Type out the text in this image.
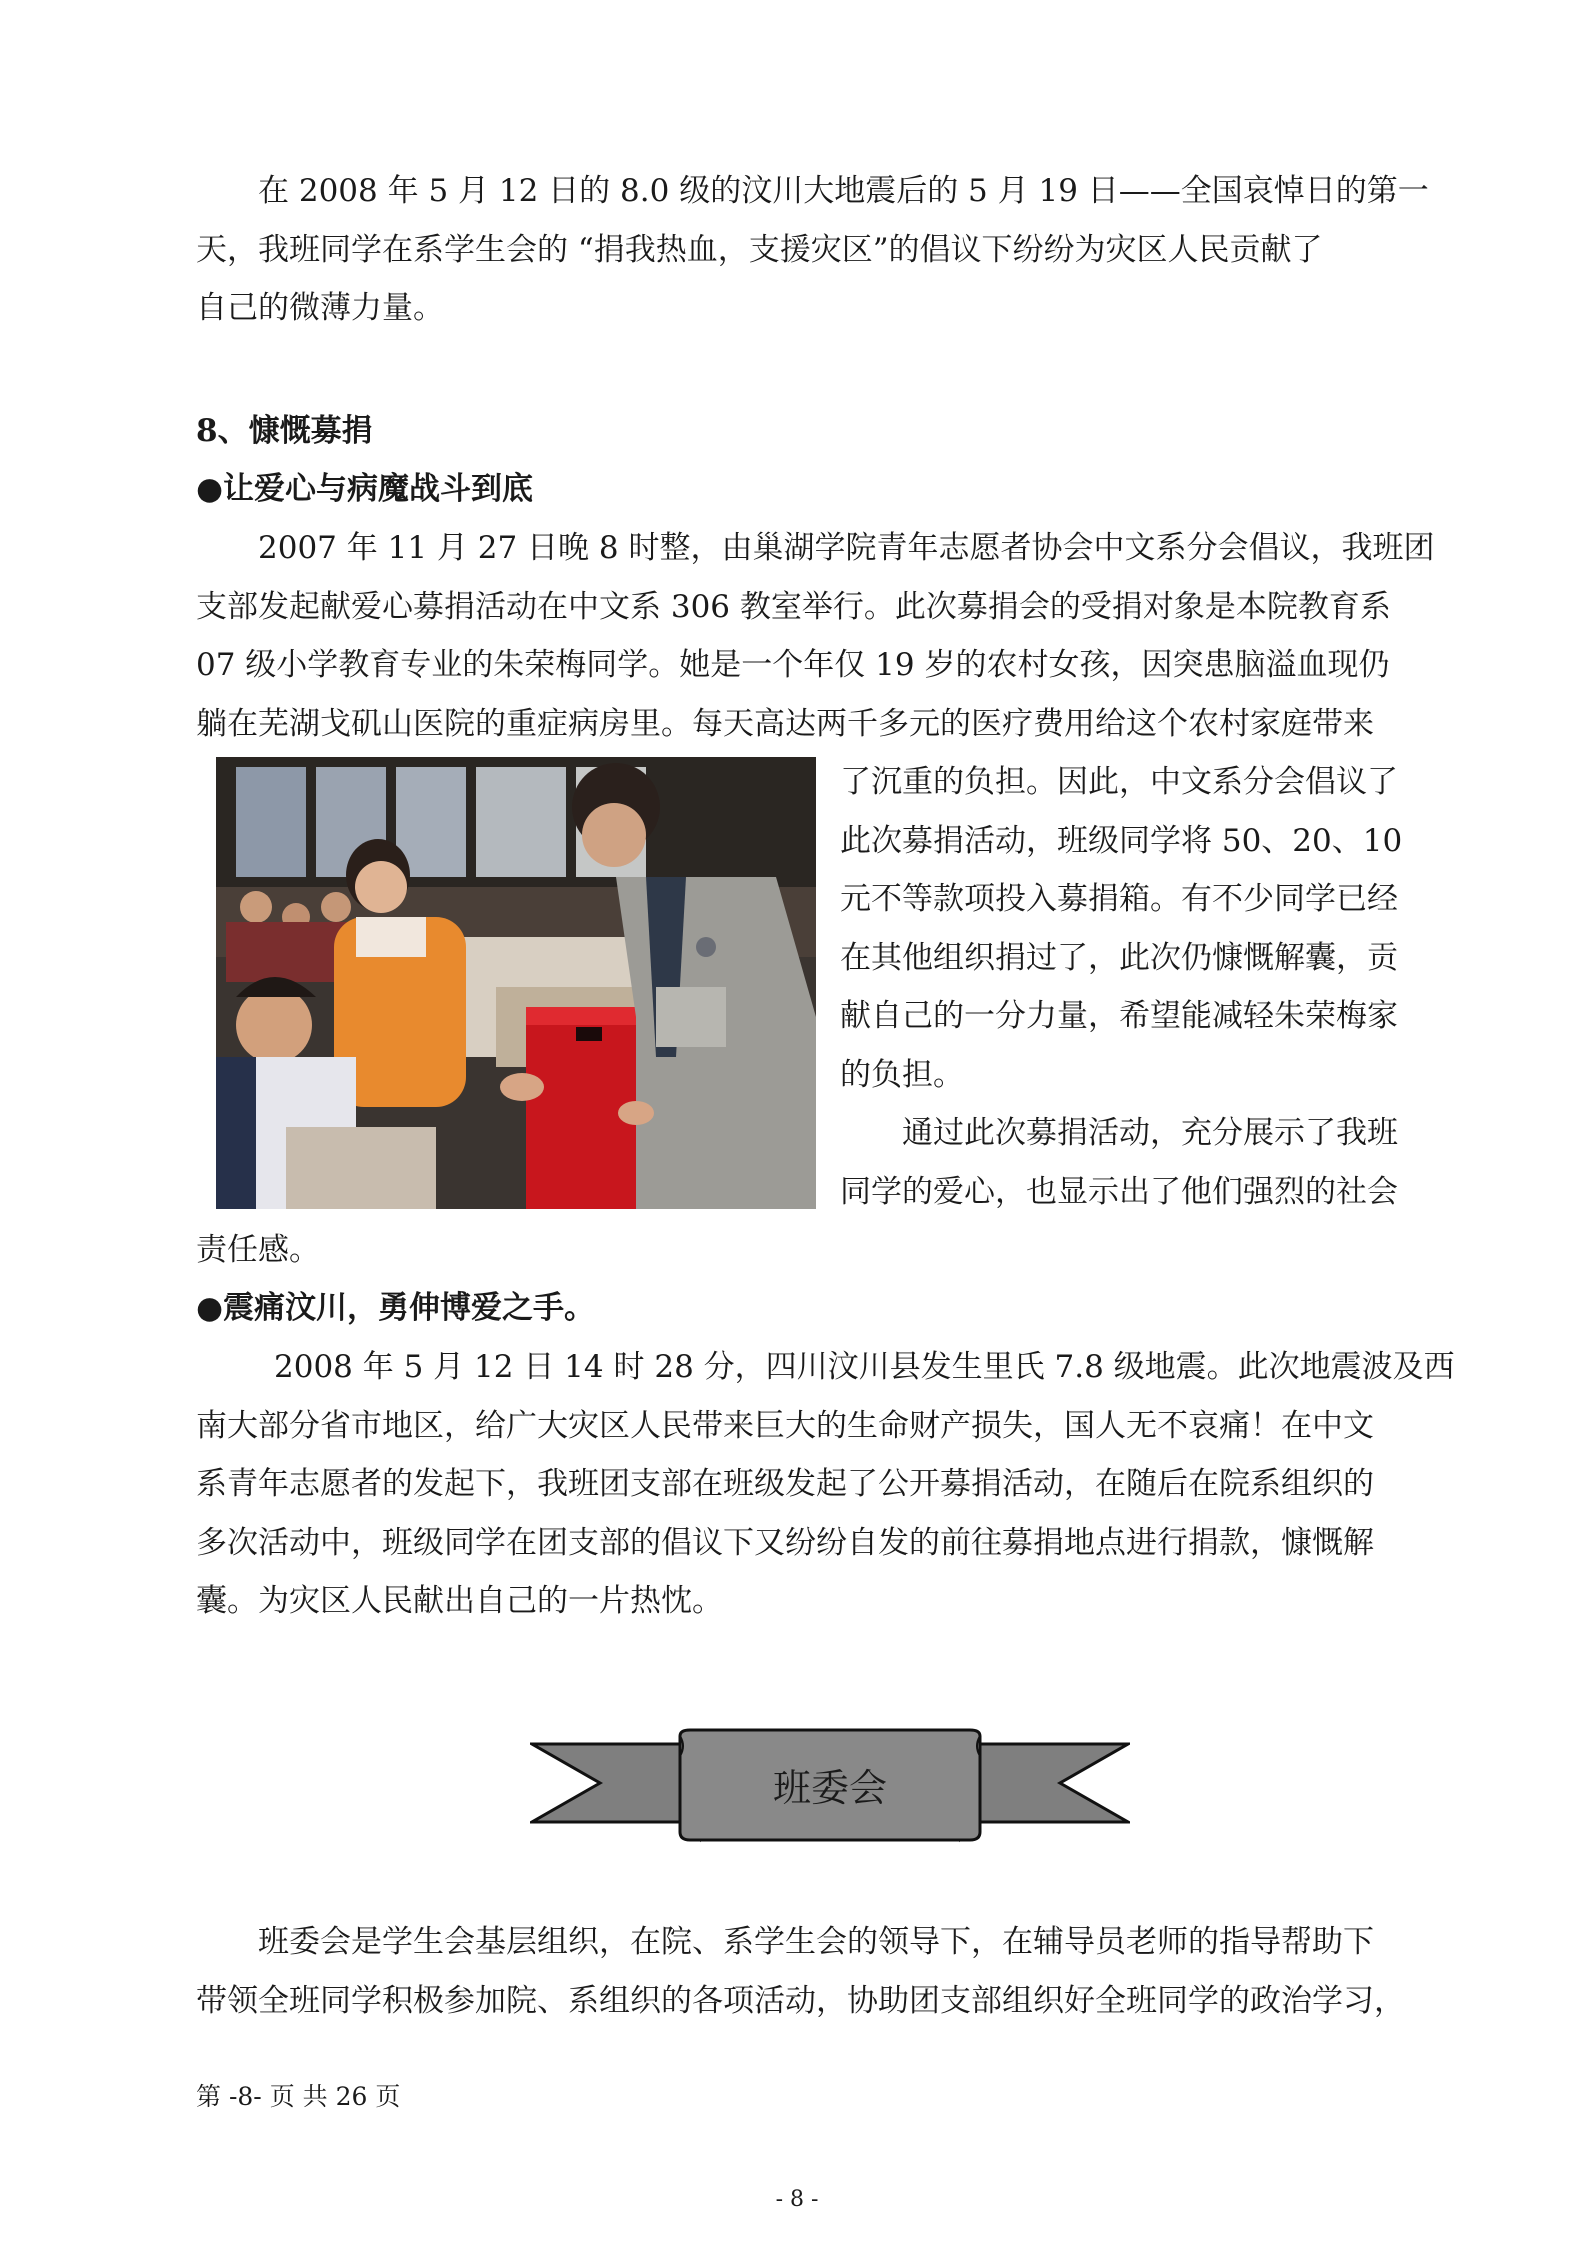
在 2008 年 5 月 12 日的 8.0 级的汶川大地震后的 5 月 19 日——全国哀悼日的第一
天，我班同学在系学生会的 “捐我热血，支援灾区”的倡议下纷纷为灾区人民贡献了
自己的微薄力量。
8、慷慨募捐
●让爱心与病魔战斗到底
2007 年 11 月 27 日晚 8 时整，由巢湖学院青年志愿者协会中文系分会倡议，我班团
支部发起献爱心募捐活动在中文系 306 教室举行。此次募捐会的受捐对象是本院教育系
07 级小学教育专业的朱荣梅同学。她是一个年仅 19 岁的农村女孩，因突患脑溢血现仍
躺在芜湖戈矶山医院的重症病房里。每天高达两千多元的医疗费用给这个农村家庭带来
了沉重的负担。因此，中文系分会倡议了
此次募捐活动，班级同学将 50、20、10
元不等款项投入募捐箱。有不少同学已经
在其他组织捐过了，此次仍慷慨解囊，贡
献自己的一分力量，希望能减轻朱荣梅家
的负担。
通过此次募捐活动，充分展示了我班
同学的爱心，也显示出了他们强烈的社会
责任感。
●震痛汶川，勇伸博爱之手。
2008 年 5 月 12 日 14 时 28 分，四川汶川县发生里氏 7.8 级地震。此次地震波及西
南大部分省市地区，给广大灾区人民带来巨大的生命财产损失，国人无不哀痛！在中文
系青年志愿者的发起下，我班团支部在班级发起了公开募捐活动，在随后在院系组织的
多次活动中，班级同学在团支部的倡议下又纷纷自发的前往募捐地点进行捐款，慷慨解
囊。为灾区人民献出自己的一片热忱。
班委会
班委会是学生会基层组织，在院、系学生会的领导下，在辅导员老师的指导帮助下
带领全班同学积极参加院、系组织的各项活动，协助团支部组织好全班同学的政治学习，
第 -8- 页 共 26 页
- 8 -
